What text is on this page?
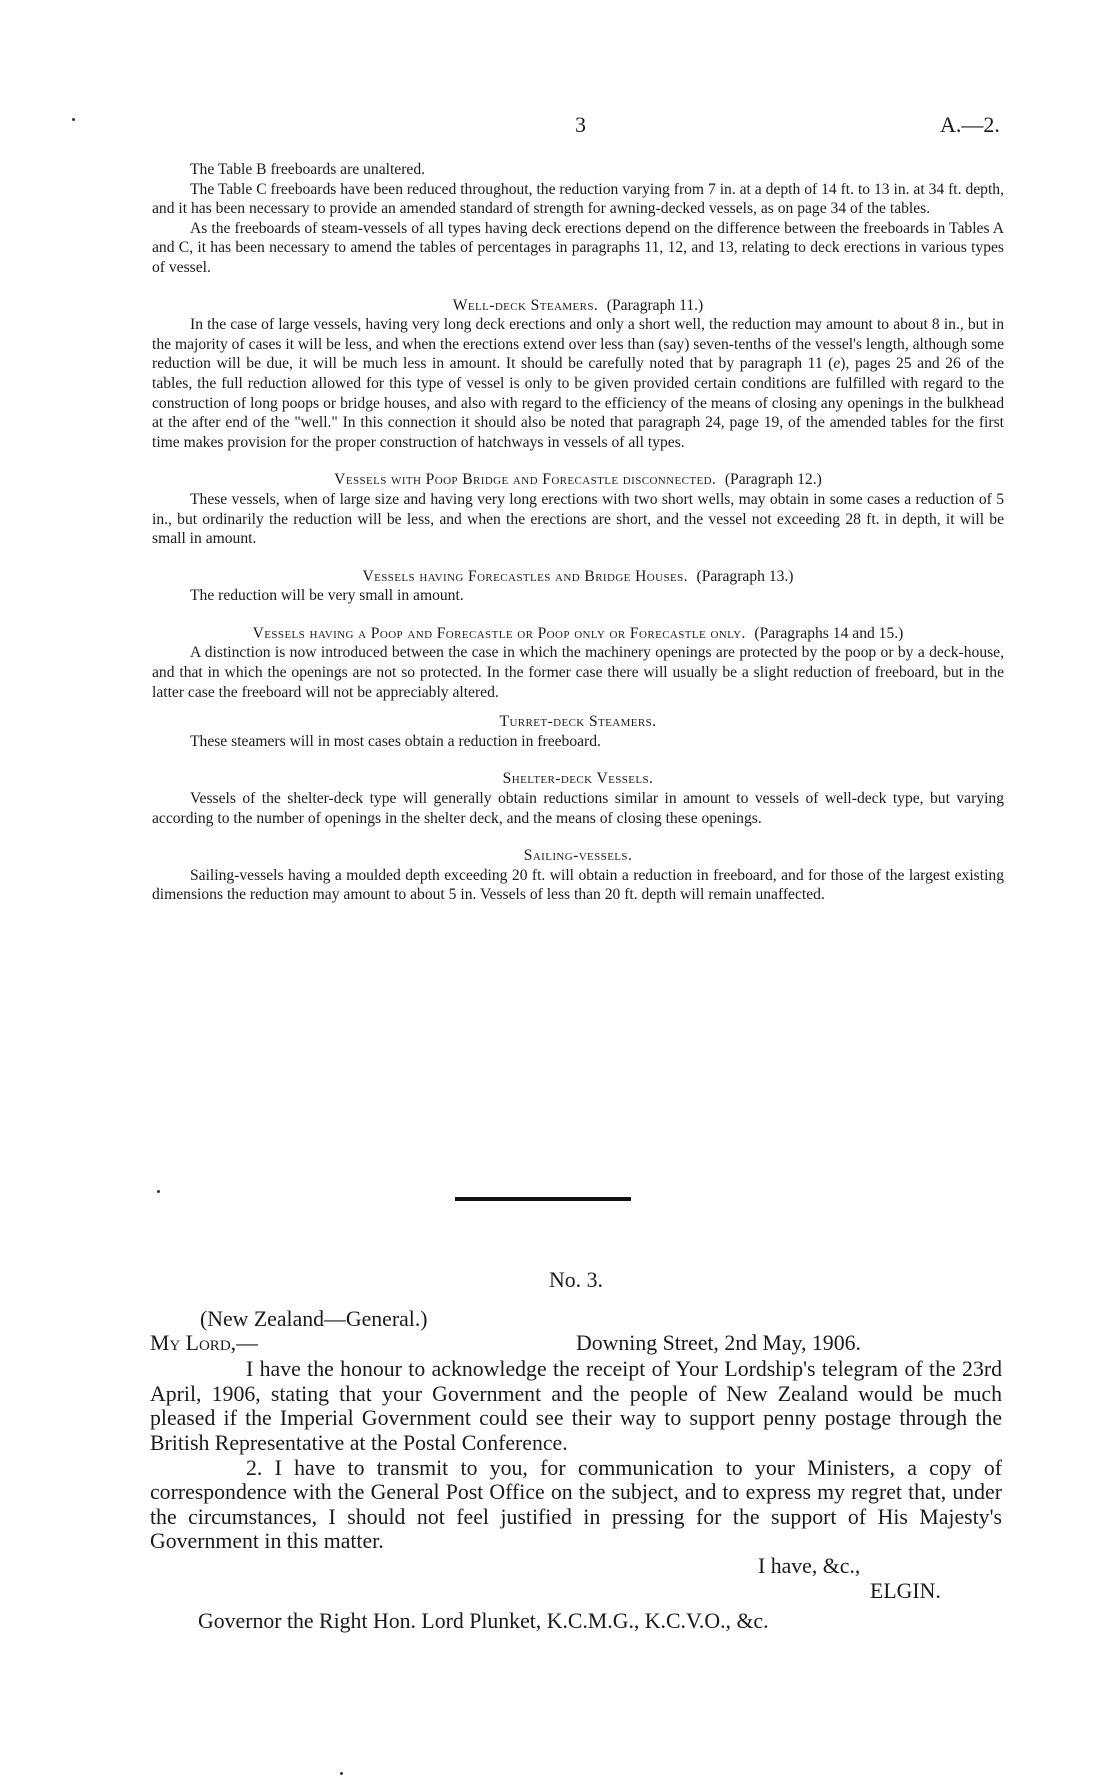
3	A.—2.

The Table B freeboards are unaltered.

The Table C freeboards have been reduced throughout, the reduction varying from 7 in. at a depth of 14 ft. to 13 in. at 34 ft. depth, and it has been necessary to provide an amended standard of strength for awning-decked vessels, as on page 34 of the tables.

As the freeboards of steam-vessels of all types having deck erections depend on the difference between the freeboards in Tables A and C, it has been necessary to amend the tables of percentages in paragraphs 11, 12, and 13, relating to deck erections in various types of vessel.

Well-deck Steamers. (Paragraph 11.)

In the case of large vessels, having very long deck erections and only a short well, the reduction may amount to about 8 in., but in the majority of cases it will be less, and when the erections extend over less than (say) seven-tenths of the vessel's length, although some reduction will be due, it will be much less in amount. It should be carefully noted that by paragraph 11 (e), pages 25 and 26 of the tables, the full reduction allowed for this type of vessel is only to be given provided certain conditions are fulfilled with regard to the construction of long poops or bridge houses, and also with regard to the efficiency of the means of closing any openings in the bulkhead at the after end of the "well." In this connection it should also be noted that paragraph 24, page 19, of the amended tables for the first time makes provision for the proper construction of hatchways in vessels of all types.

Vessels with Poop Bridge and Forecastle disconnected. (Paragraph 12.)

These vessels, when of large size and having very long erections with two short wells, may obtain in some cases a reduction of 5 in., but ordinarily the reduction will be less, and when the erections are short, and the vessel not exceeding 28 ft. in depth, it will be small in amount.

Vessels having Forecastles and Bridge Houses. (Paragraph 13.)

The reduction will be very small in amount.

Vessels having a Poop and Forecastle or Poop only or Forecastle only. (Paragraphs 14 and 15.)

A distinction is now introduced between the case in which the machinery openings are protected by the poop or by a deck-house, and that in which the openings are not so protected. In the former case there will usually be a slight reduction of freeboard, but in the latter case the freeboard will not be appreciably altered.

Turret-deck Steamers.

These steamers will in most cases obtain a reduction in freeboard.

Shelter-deck Vessels.

Vessels of the shelter-deck type will generally obtain reductions similar in amount to vessels of well-deck type, but varying according to the number of openings in the shelter deck, and the means of closing these openings.

Sailing-vessels.

Sailing-vessels having a moulded depth exceeding 20 ft. will obtain a reduction in freeboard, and for those of the largest existing dimensions the reduction may amount to about 5 in. Vessels of less than 20 ft. depth will remain unaffected.

No. 3.

(New Zealand—General.)

My Lord,—	Downing Street, 2nd May, 1906.

I have the honour to acknowledge the receipt of Your Lordship's telegram of the 23rd April, 1906, stating that your Government and the people of New Zealand would be much pleased if the Imperial Government could see their way to support penny postage through the British Representative at the Postal Conference.

2. I have to transmit to you, for communication to your Ministers, a copy of correspondence with the General Post Office on the subject, and to express my regret that, under the circumstances, I should not feel justified in pressing for the support of His Majesty's Government in this matter.

I have, &c.,

ELGIN.

Governor the Right Hon. Lord Plunket, K.C.M.G., K.C.V.O., &c.
